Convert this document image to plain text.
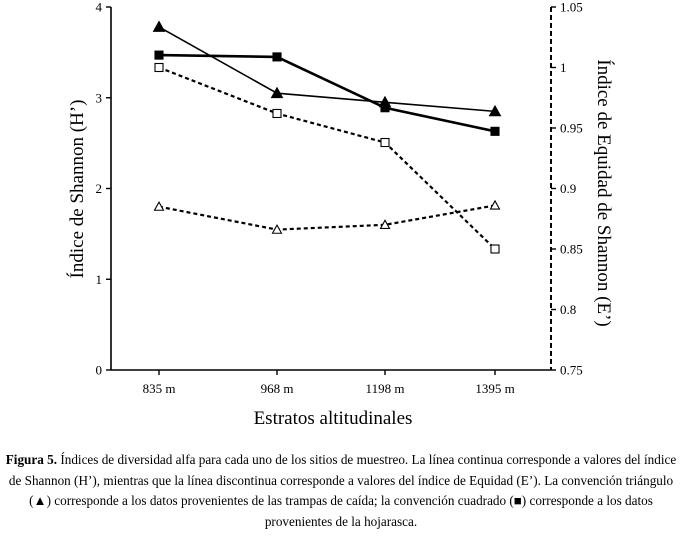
0
1
2
3
4
0.75
0.8
0.85
0.9
0.95
1
1.05
835 m	968 m	1198 m	1395 m
Estratos altitudinales
Índice de Shannon (H’)	Índice de Equidad de Shannon (E’)
Figura 5. Índices de diversidad alfa para cada uno de los sitios de muestreo. La línea continua corresponde a valores del índice de Shannon (H’), mientras que la línea discontinua corresponde a valores del índice de Equidad (E’). La convención triángulo (▲) corresponde a los datos provenientes de las trampas de caída; la convención cuadrado (■) corresponde a los datos provenientes de la hojarasca.
